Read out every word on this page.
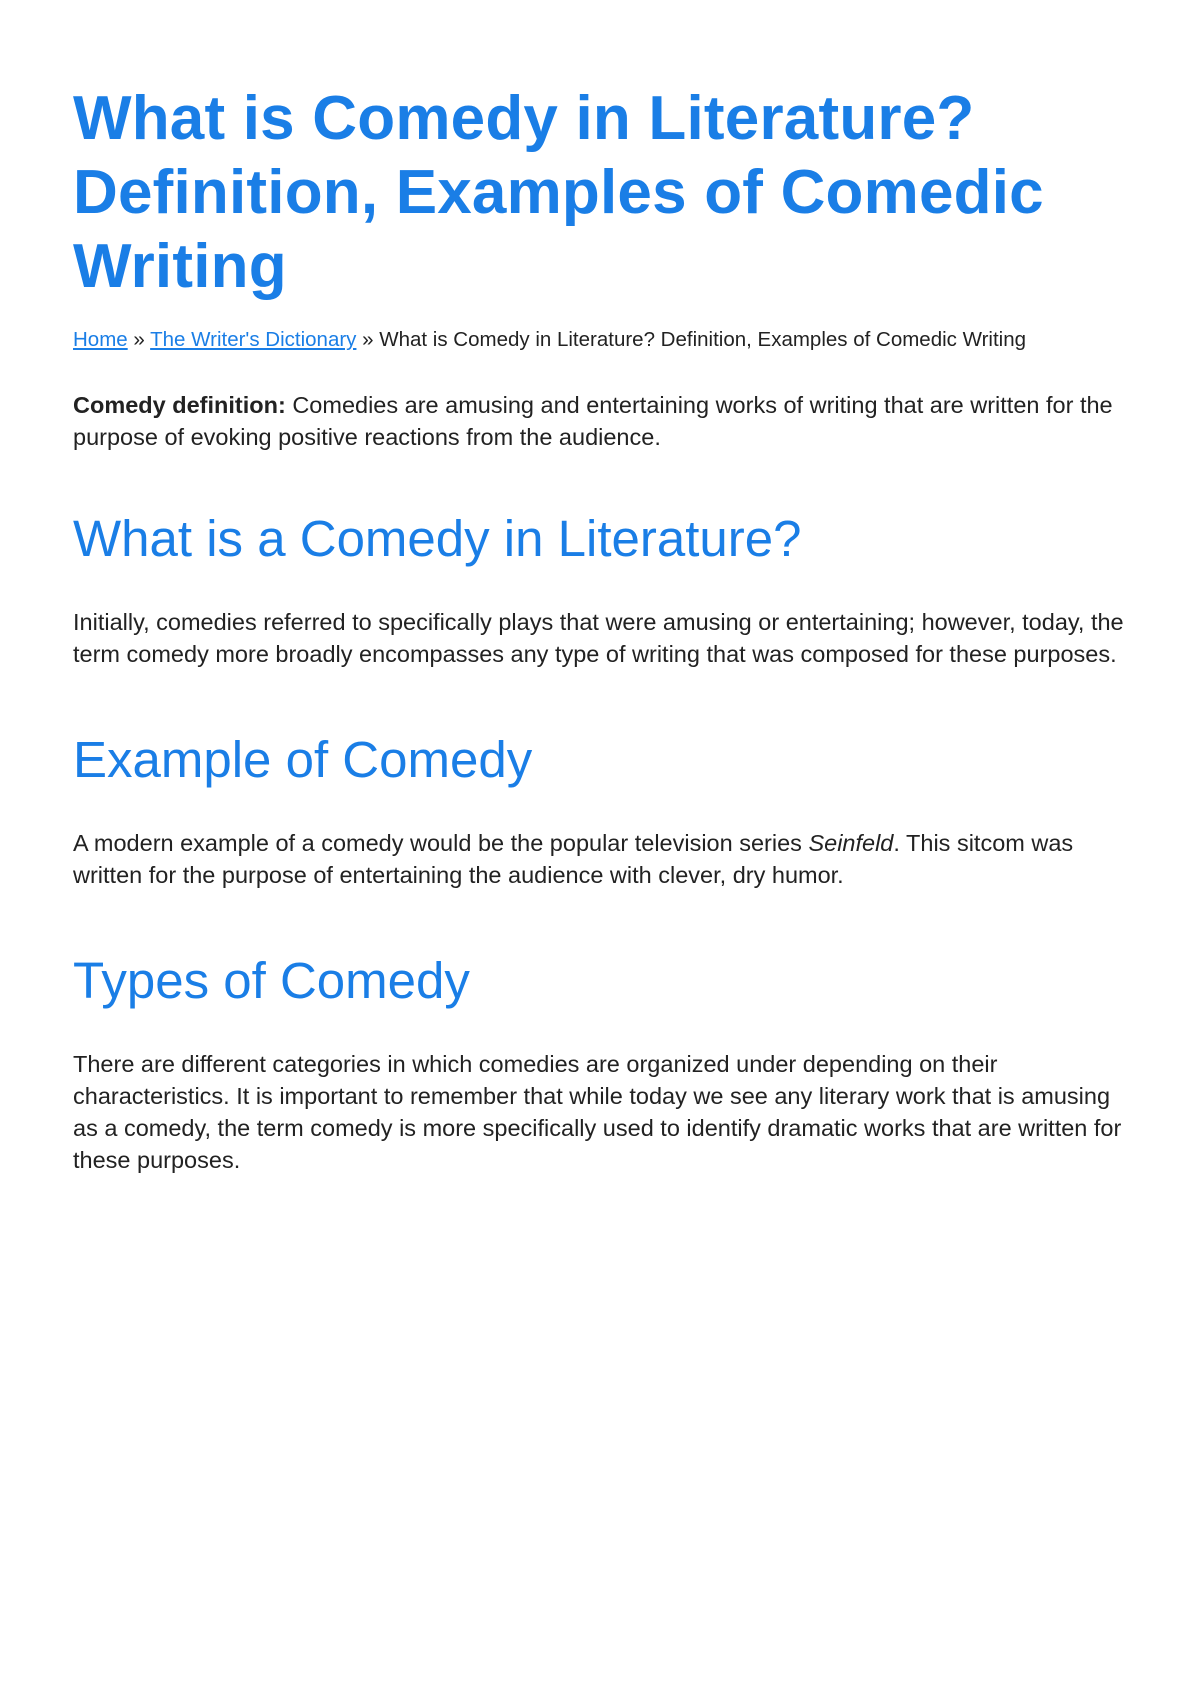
What is Comedy in Literature? Definition, Examples of Comedic Writing
Home » The Writer's Dictionary » What is Comedy in Literature? Definition, Examples of Comedic Writing

Comedy definition: Comedies are amusing and entertaining works of writing that are written for the purpose of evoking positive reactions from the audience.

What is a Comedy in Literature?

Initially, comedies referred to specifically plays that were amusing or entertaining; however, today, the term comedy more broadly encompasses any type of writing that was composed for these purposes.

Example of Comedy

A modern example of a comedy would be the popular television series Seinfeld. This sitcom was written for the purpose of entertaining the audience with clever, dry humor.

Types of Comedy

There are different categories in which comedies are organized under depending on their characteristics. It is important to remember that while today we see any literary work that is amusing as a comedy, the term comedy is more specifically used to identify dramatic works that are written for these purposes.
